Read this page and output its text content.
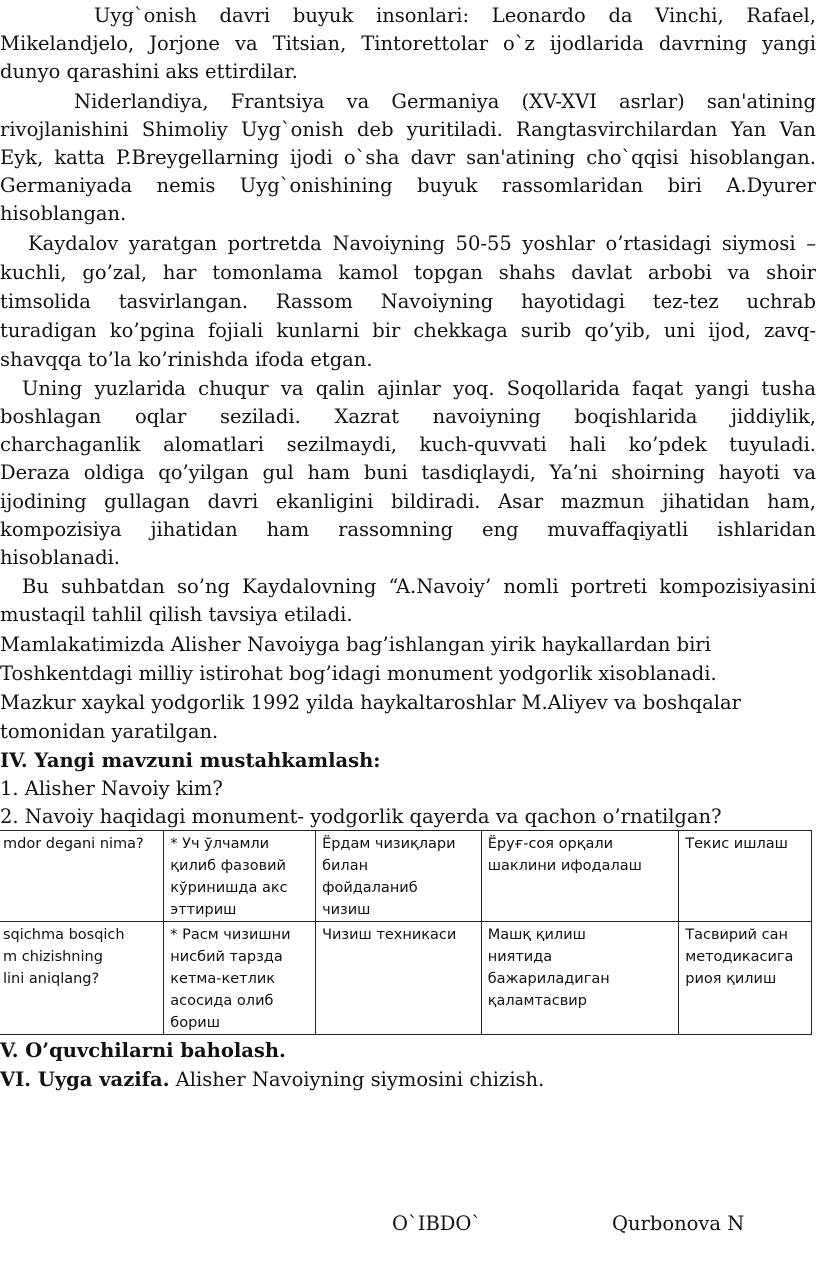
Uyg`onish davri buyuk insonlari: Leonardo da Vinchi, Rafael,
Mikelandjelo, Jorjone va Titsian, Tintorettolar o`z ijodlarida davrning yangi
dunyo qarashini aks ettirdilar.
Niderlandiya, Frantsiya va Germaniya (XV-XVI asrlar) san'atining
rivojlanishini Shimoliy Uyg`onish deb yuritiladi. Rangtasvirchilardan Yan Van
Eyk, katta P.Breygellarning ijodi o`sha davr san'atining cho`qqisi hisoblangan.
Germaniyada nemis Uyg`onishining buyuk rassomlaridan biri A.Dyurer
hisoblangan.
Kaydalov yaratgan portretda Navoiyning 50-55 yoshlar o’rtasidagi siymosi –
kuchli, go’zal, har tomonlama kamol topgan shahs davlat arbobi va shoir
timsolida tasvirlangan. Rassom Navoiyning hayotidagi tez-tez uchrab
turadigan ko’pgina fojiali kunlarni bir chekkaga surib qo’yib, uni ijod, zavq-
shavqqa to’la ko’rinishda ifoda etgan.
Uning yuzlarida chuqur va qalin ajinlar yoq. Soqollarida faqat yangi tusha
boshlagan oqlar seziladi. Xazrat navoiyning boqishlarida jiddiylik,
charchaganlik alomatlari sezilmaydi, kuch-quvvati hali ko’pdek tuyuladi.
Deraza oldiga qo’yilgan gul ham buni tasdiqlaydi, Ya’ni shoirning hayoti va
ijodining gullagan davri ekanligini bildiradi. Asar mazmun jihatidan ham,
kompozisiya jihatidan ham rassomning eng muvaffaqiyatli ishlaridan
hisoblanadi.
Bu suhbatdan so’ng Kaydalovning “A.Navoiy’ nomli portreti kompozisiyasini
mustaqil tahlil qilish tavsiya etiladi.
Mamlakatimizda Alisher Navoiyga bag’ishlangan yirik haykallardan biri
Toshkentdagi milliy istirohat bog’idagi monument yodgorlik xisoblanadi.
Mazkur xaykal yodgorlik 1992 yilda haykaltaroshlar M.Aliyev va boshqalar
tomonidan yaratilgan.
IV. Yangi mavzuni mustahkamlash:
1. Alisher Navoiy kim?
2. Navoiy haqidagi monument- yodgorlik qayerda va qachon o’rnatilgan?
mdor degani nima?	* Уч ўлчамли
қилиб фазовий
кўринишда акс
эттириш	Ёрдам чизиқлари
билан
фойдаланиб
чизиш	Ёруғ-соя орқали
шаклини ифодалаш	Текис ишлаш
sqichma bosqich
m chizishning
lini aniqlang?	* Расм чизишни
нисбий тарзда
кетма-кетлик
асосида олиб
бориш	Чизиш техникаси	Машқ қилиш
ниятида
бажариладиган
қаламтасвир	Тасвирий сан
методикасига
риоя қилиш
V. O’quvchilarni baholash.
VI. Uyga vazifa. Alisher Navoiyning siymosini chizish.
O`IBDO`	Qurbonova N
